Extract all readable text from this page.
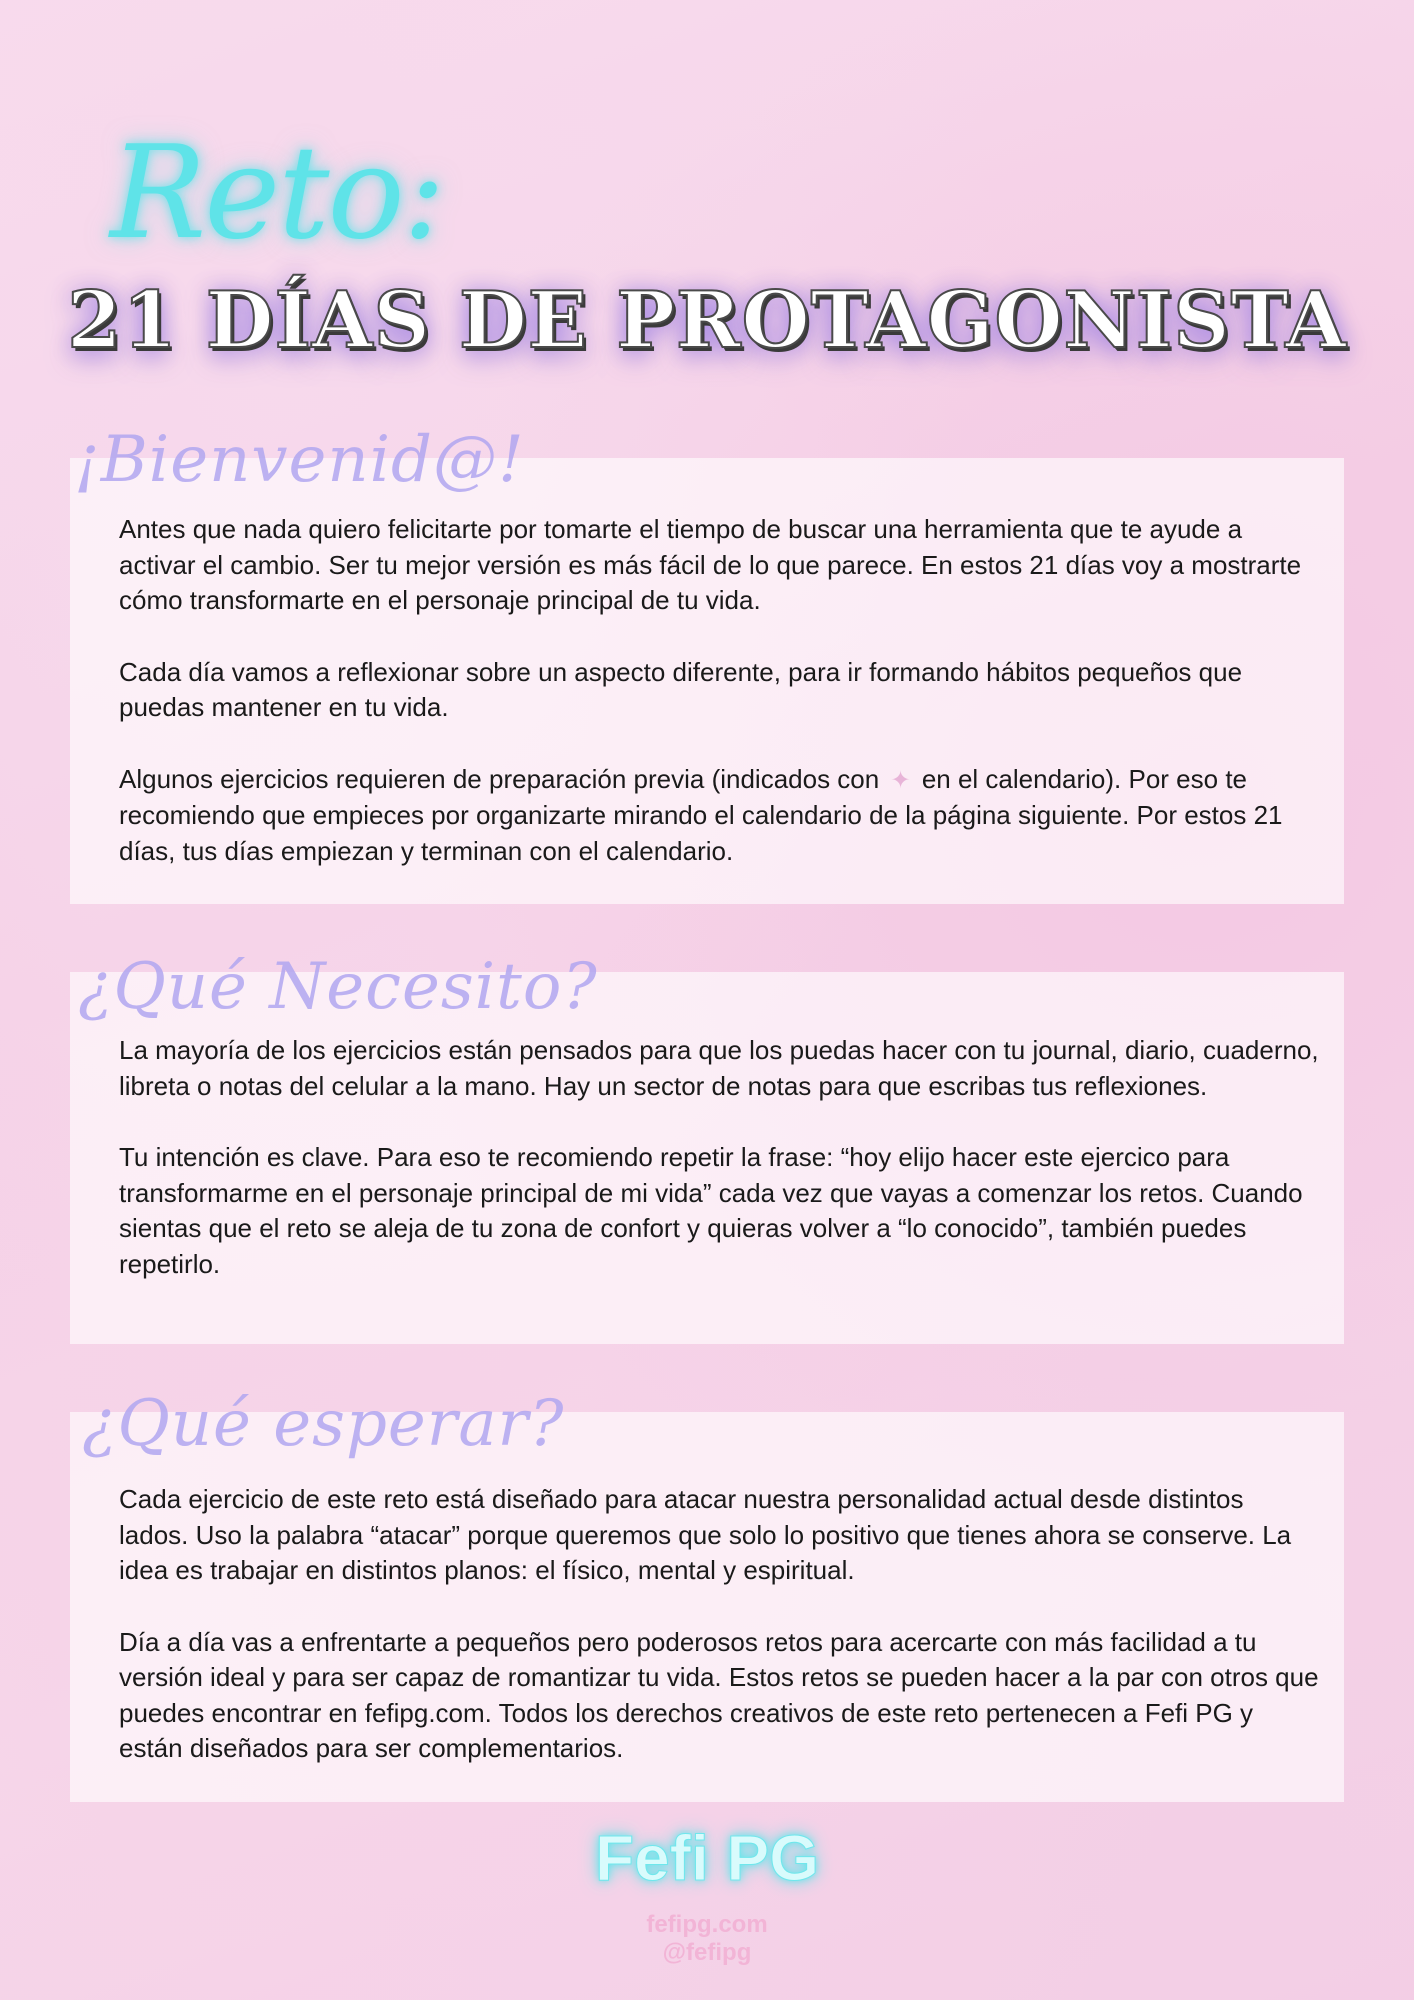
Reto:
21 DÍAS DE PROTAGONISTA
¡Bienvenid@!

Antes que nada quiero felicitarte por tomarte el tiempo de buscar una herramienta que te ayude a activar el cambio. Ser tu mejor versión es más fácil de lo que parece. En estos 21 días voy a mostrarte cómo transformarte en el personaje principal de tu vida.

Cada día vamos a reflexionar sobre un aspecto diferente, para ir formando hábitos pequeños que puedas mantener en tu vida.

Algunos ejercicios requieren de preparación previa (indicados con ✦ en el calendario). Por eso te recomiendo que empieces por organizarte mirando el calendario de la página siguiente. Por estos 21 días, tus días empiezan y terminan con el calendario.

¿Qué Necesito?

La mayoría de los ejercicios están pensados para que los puedas hacer con tu journal, diario, cuaderno, libreta o notas del celular a la mano. Hay un sector de notas para que escribas tus reflexiones.

Tu intención es clave. Para eso te recomiendo repetir la frase: “hoy elijo hacer este ejercico para transformarme en el personaje principal de mi vida” cada vez que vayas a comenzar los retos. Cuando sientas que el reto se aleja de tu zona de confort y quieras volver a “lo conocido”, también puedes repetirlo.

¿Qué esperar?

Cada ejercicio de este reto está diseñado para atacar nuestra personalidad actual desde distintos lados. Uso la palabra “atacar” porque queremos que solo lo positivo que tienes ahora se conserve. La idea es trabajar en distintos planos: el físico, mental y espiritual.

Día a día vas a enfrentarte a pequeños pero poderosos retos para acercarte con más facilidad a tu versión ideal y para ser capaz de romantizar tu vida. Estos retos se pueden hacer a la par con otros que puedes encontrar en fefipg.com. Todos los derechos creativos de este reto pertenecen a Fefi PG y están diseñados para ser complementarios.

Fefi PG
fefipg.com
@fefipg
